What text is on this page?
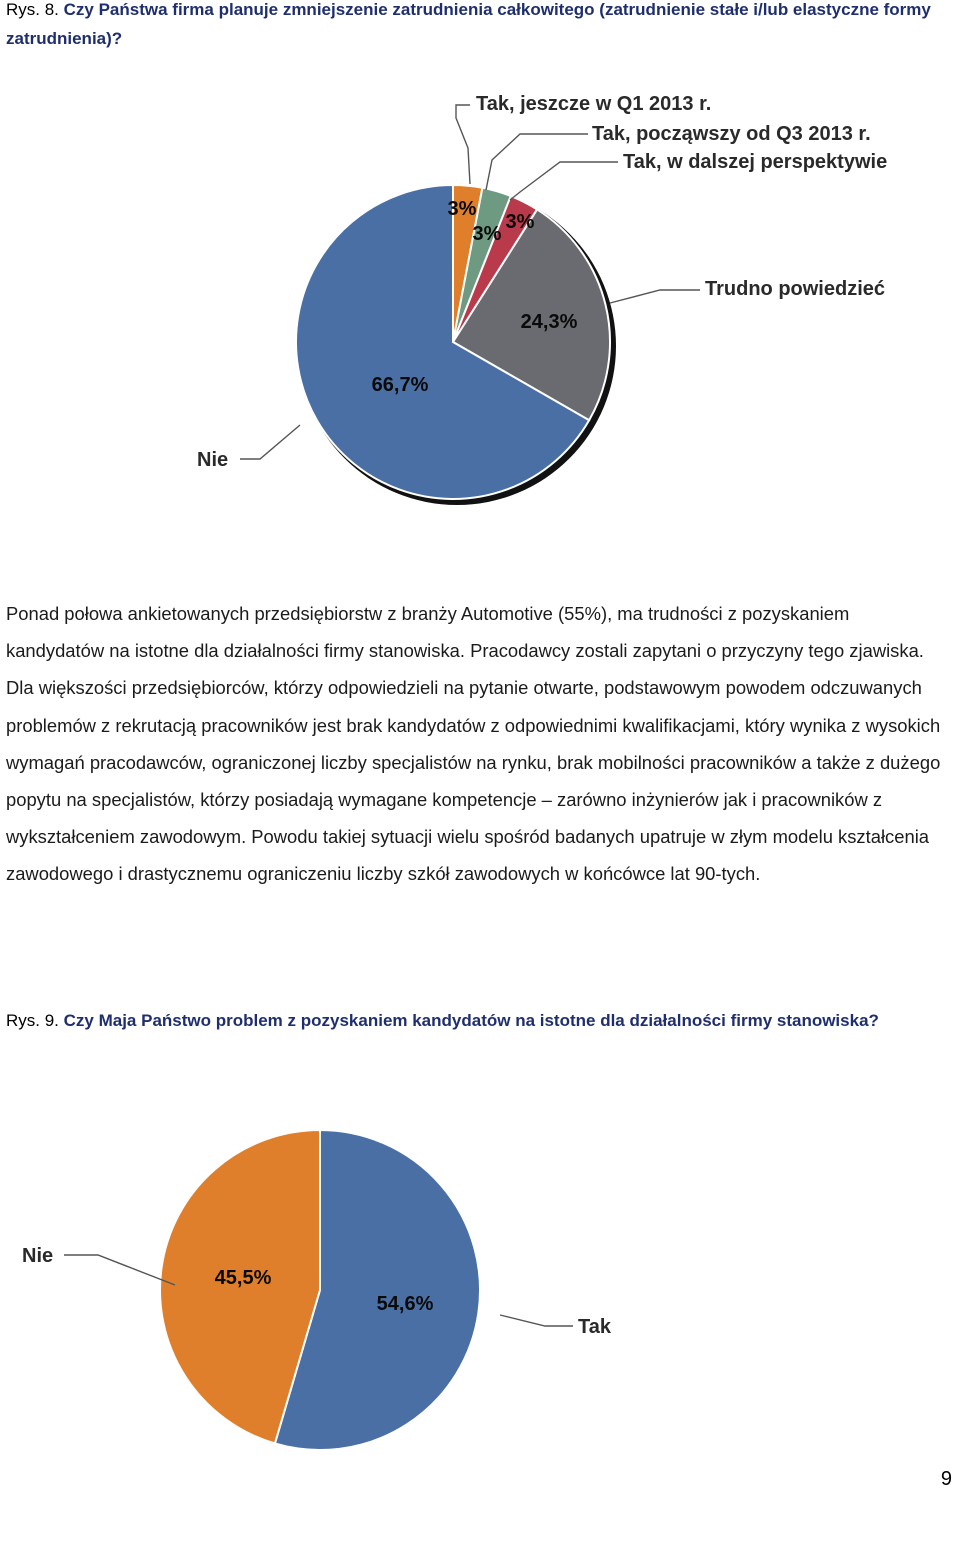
Rys. 8. Czy Państwa firma planuje zmniejszenie zatrudnienia całkowitego (zatrudnienie stałe i/lub elastyczne formy zatrudnienia)?

3%
Tak, jeszcze w Q1 2013 r.
3%
Tak, począwszy od Q3 2013 r.
3%
Tak, w dalszej perspektywie
24,3%
Trudno powiedzieć
66,7%
Nie

Ponad połowa ankietowanych przedsiębiorstw z branży Automotive (55%), ma trudności z pozyskaniem kandydatów na istotne dla działalności firmy stanowiska. Pracodawcy zostali zapytani o przyczyny tego zjawiska. Dla większości przedsiębiorców, którzy odpowiedzieli na pytanie otwarte, podstawowym powodem odczuwanych problemów z rekrutacją pracowników jest brak kandydatów z odpowiednimi kwalifikacjami, który wynika z wysokich wymagań pracodawców, ograniczonej liczby specjalistów na rynku, brak mobilności pracowników a także z dużego popytu na specjalistów, którzy posiadają wymagane kompetencje – zarówno inżynierów jak i pracowników z wykształceniem zawodowym. Powodu takiej sytuacji wielu spośród badanych upatruje w złym modelu kształcenia zawodowego i drastycznemu ograniczeniu liczby szkół zawodowych w końcówce lat 90-tych.

Rys. 9. Czy Maja Państwo problem z pozyskaniem kandydatów na istotne dla działalności firmy stanowiska?

54,6%
Tak
45,5%
Nie
9
